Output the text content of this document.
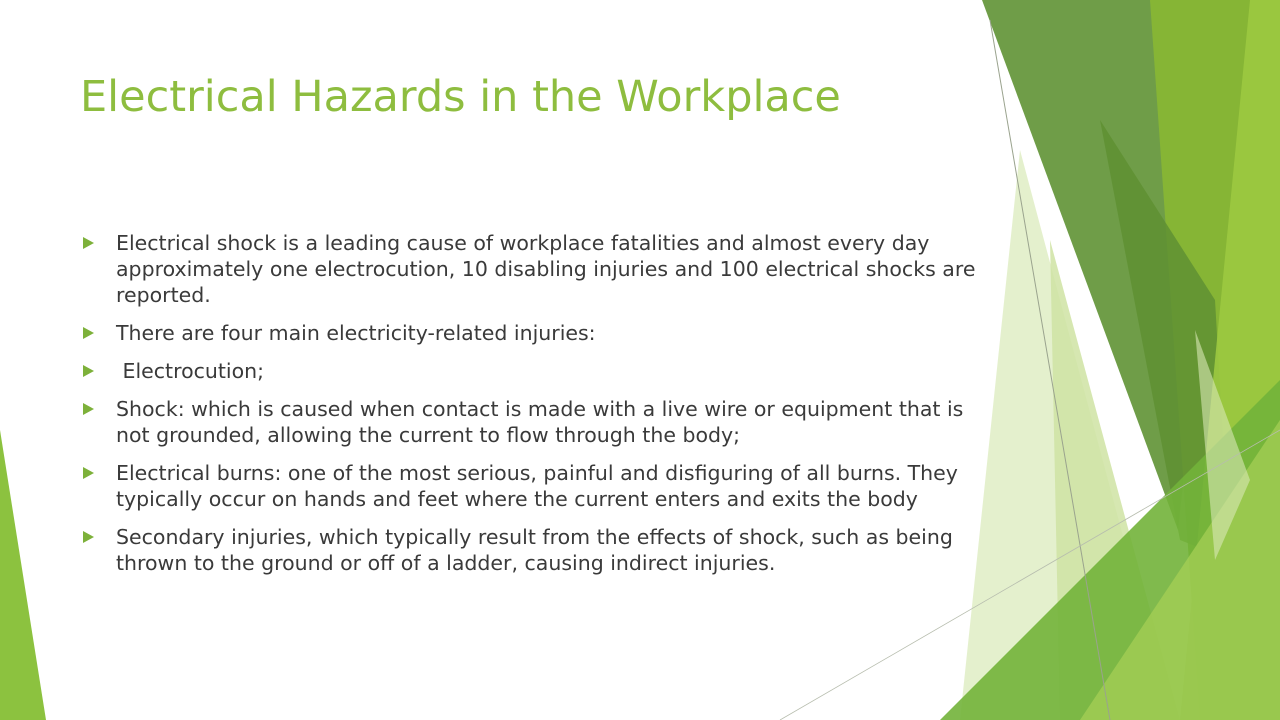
Electrical Hazards in the Workplace
Electrical shock is a leading cause of workplace fatalities and almost every day approximately one electrocution, 10 disabling injuries and 100 electrical shocks are reported.
There are four main electricity-related injuries:
Electrocution;
Shock: which is caused when contact is made with a live wire or equipment that is not grounded, allowing the current to flow through the body;
Electrical burns: one of the most serious, painful and disfiguring of all burns. They typically occur on hands and feet where the current enters and exits the body
Secondary injuries, which typically result from the effects of shock, such as being thrown to the ground or off of a ladder, causing indirect injuries.
